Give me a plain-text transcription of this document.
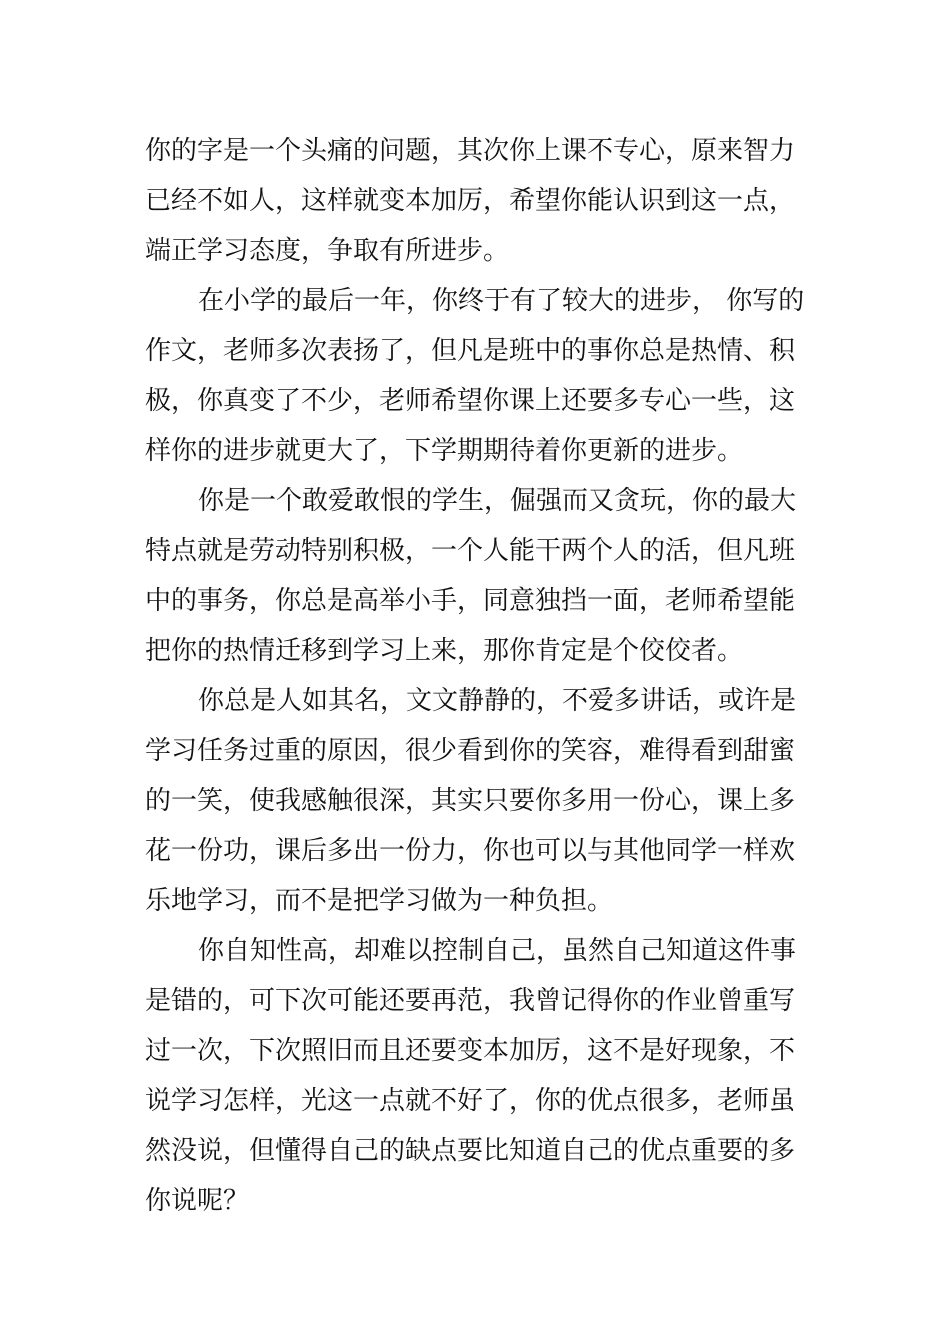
你的字是一个头痛的问题，其次你上课不专心，原来智力
已经不如人，这样就变本加厉，希望你能认识到这一点，
端正学习态度，争取有所进步。
在小学的最后一年，你终于有了较大的进步， 你写的
作文，老师多次表扬了，但凡是班中的事你总是热情、积
极，你真变了不少，老师希望你课上还要多专心一些，这
样你的进步就更大了，下学期期待着你更新的进步。
你是一个敢爱敢恨的学生，倔强而又贪玩，你的最大
特点就是劳动特别积极，一个人能干两个人的活，但凡班
中的事务，你总是高举小手，同意独挡一面，老师希望能
把你的热情迁移到学习上来，那你肯定是个佼佼者。
你总是人如其名，文文静静的，不爱多讲话，或许是
学习任务过重的原因，很少看到你的笑容，难得看到甜蜜
的一笑，使我感触很深，其实只要你多用一份心，课上多
花一份功，课后多出一份力，你也可以与其他同学一样欢
乐地学习，而不是把学习做为一种负担。
你自知性高，却难以控制自己，虽然自己知道这件事
是错的，可下次可能还要再范，我曾记得你的作业曾重写
过一次，下次照旧而且还要变本加厉，这不是好现象，不
说学习怎样，光这一点就不好了，你的优点很多，老师虽
然没说，但懂得自己的缺点要比知道自己的优点重要的多
你说呢？
